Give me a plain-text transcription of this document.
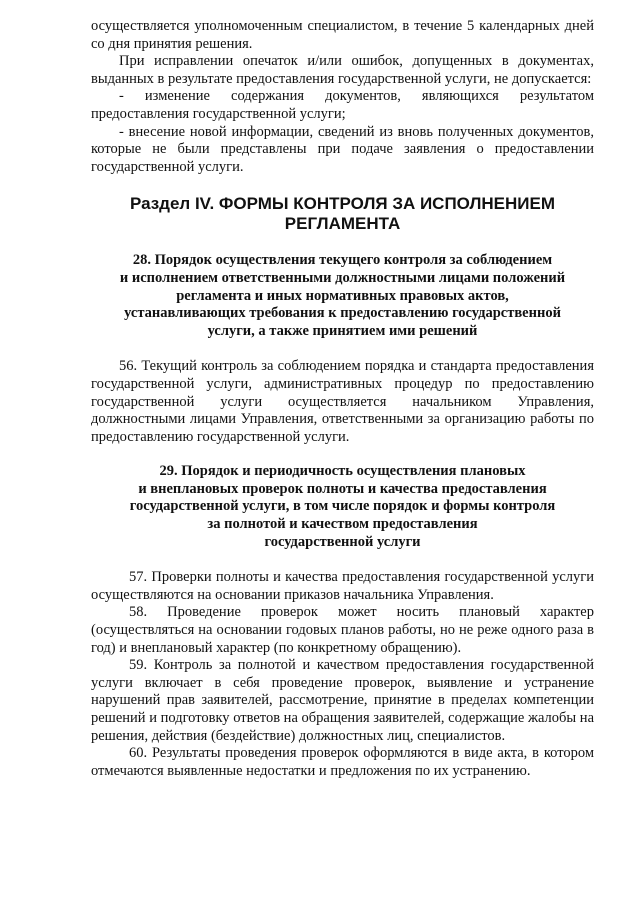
осуществляется уполномоченным специалистом, в течение 5 календарных дней со дня принятия решения.

При исправлении опечаток и/или ошибок, допущенных в документах, выданных в результате предоставления государственной услуги, не допускается:

- изменение содержания документов, являющихся результатом предоставления государственной услуги;

- внесение новой информации, сведений из вновь полученных документов, которые не были представлены при подаче заявления о предоставлении государственной услуги.

Раздел IV. ФОРМЫ КОНТРОЛЯ ЗА ИСПОЛНЕНИЕМ
РЕГЛАМЕНТА
28. Порядок осуществления текущего контроля за соблюдением
и исполнением ответственными должностными лицами положений
регламента и иных нормативных правовых актов,
устанавливающих требования к предоставлению государственной
услуги, а также принятием ими решений

56. Текущий контроль за соблюдением порядка и стандарта предоставления государственной услуги, административных процедур по предоставлению государственной услуги осуществляется начальником Управления, должностными лицами Управления, ответственными за организацию работы по предоставлению государственной услуги.

29. Порядок и периодичность осуществления плановых
и внеплановых проверок полноты и качества предоставления
государственной услуги, в том числе порядок и формы контроля
за полнотой и качеством предоставления
государственной услуги

57. Проверки полноты и качества предоставления государственной услуги осуществляются на основании приказов начальника Управления.

58. Проведение проверок может носить плановый характер (осуществляться на основании годовых планов работы, но не реже одного раза в год) и внеплановый характер (по конкретному обращению).

59. Контроль за полнотой и качеством предоставления государственной услуги включает в себя проведение проверок, выявление и устранение нарушений прав заявителей, рассмотрение, принятие в пределах компетенции решений и подготовку ответов на обращения заявителей, содержащие жалобы на решения, действия (бездействие) должностных лиц, специалистов.

60. Результаты проведения проверок оформляются в виде акта, в котором отмечаются выявленные недостатки и предложения по их устранению.
